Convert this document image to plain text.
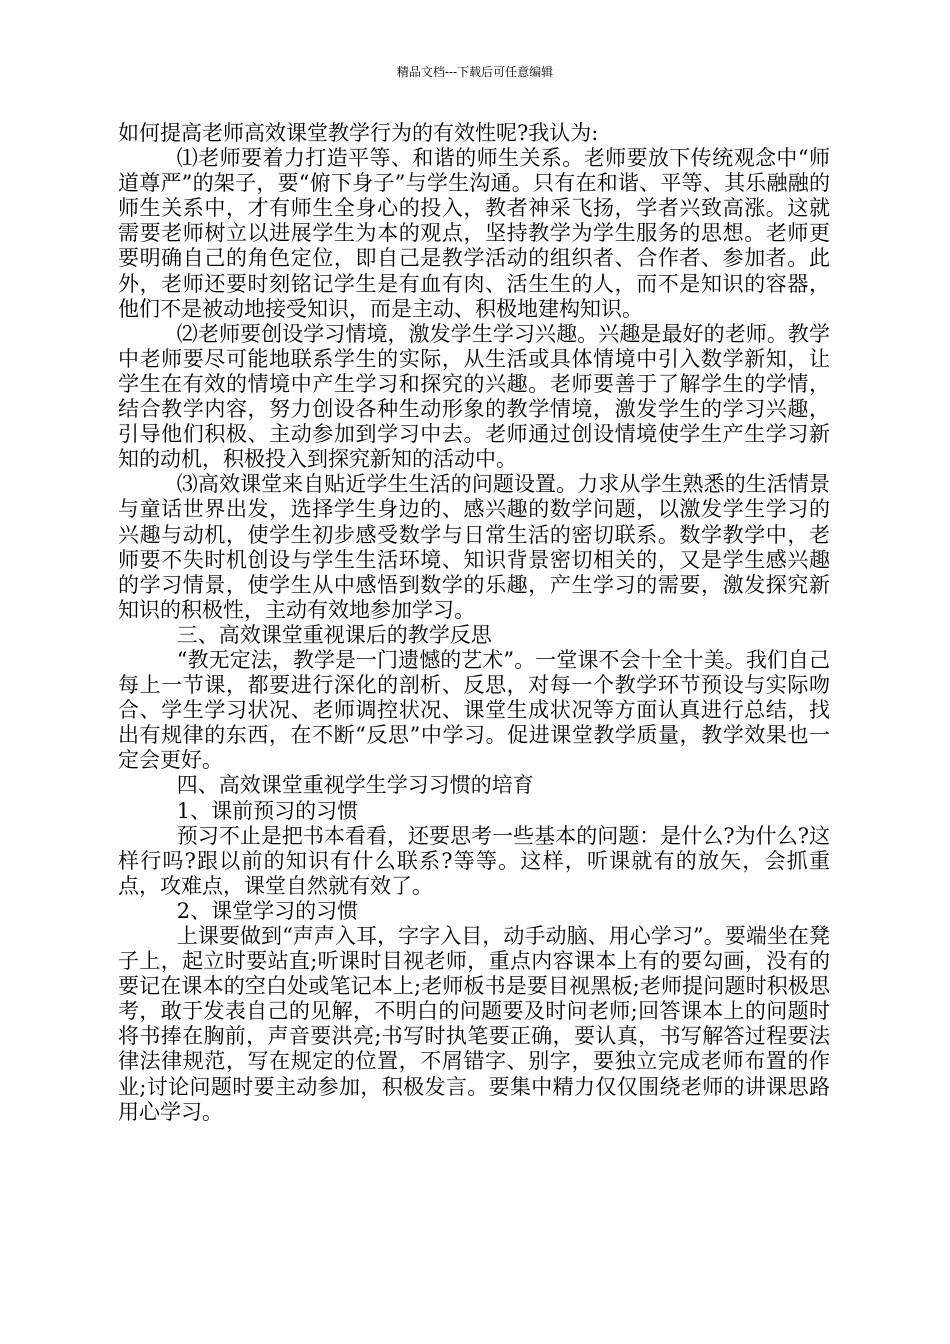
精品文档---下载后可任意编辑

如何提高老师高效课堂教学行为的有效性呢?我认为:

⑴老师要着力打造平等、和谐的师生关系。老师要放下传统观念中“师道尊严”的架子，要“俯下身子”与学生沟通。只有在和谐、平等、其乐融融的师生关系中，才有师生全身心的投入，教者神采飞扬，学者兴致高涨。这就需要老师树立以进展学生为本的观点，坚持教学为学生服务的思想。老师更要明确自己的角色定位，即自己是教学活动的组织者、合作者、参加者。此外，老师还要时刻铭记学生是有血有肉、活生生的人，而不是知识的容器，他们不是被动地接受知识，而是主动、积极地建构知识。

⑵老师要创设学习情境，激发学生学习兴趣。兴趣是最好的老师。教学中老师要尽可能地联系学生的实际，从生活或具体情境中引入数学新知，让学生在有效的情境中产生学习和探究的兴趣。老师要善于了解学生的学情，结合教学内容，努力创设各种生动形象的教学情境，激发学生的学习兴趣，引导他们积极、主动参加到学习中去。老师通过创设情境使学生产生学习新知的动机，积极投入到探究新知的活动中。

⑶高效课堂来自贴近学生生活的问题设置。力求从学生熟悉的生活情景与童话世界出发，选择学生身边的、感兴趣的数学问题，以激发学生学习的兴趣与动机，使学生初步感受数学与日常生活的密切联系。数学教学中，老师要不失时机创设与学生生活环境、知识背景密切相关的，又是学生感兴趣的学习情景，使学生从中感悟到数学的乐趣，产生学习的需要，激发探究新知识的积极性，主动有效地参加学习。

三、高效课堂重视课后的教学反思

“教无定法，教学是一门遗憾的艺术”。一堂课不会十全十美。我们自己每上一节课，都要进行深化的剖析、反思，对每一个教学环节预设与实际吻合、学生学习状况、老师调控状况、课堂生成状况等方面认真进行总结，找出有规律的东西，在不断“反思”中学习。促进课堂教学质量，教学效果也一定会更好。

四、高效课堂重视学生学习习惯的培育

1、课前预习的习惯

预习不止是把书本看看，还要思考一些基本的问题：是什么?为什么?这样行吗?跟以前的知识有什么联系?等等。这样，听课就有的放矢，会抓重点，攻难点，课堂自然就有效了。

2、课堂学习的习惯

上课要做到“声声入耳，字字入目，动手动脑、用心学习”。要端坐在凳子上，起立时要站直;听课时目视老师，重点内容课本上有的要勾画，没有的要记在课本的空白处或笔记本上;老师板书是要目视黑板;老师提问题时积极思考，敢于发表自己的见解，不明白的问题要及时问老师;回答课本上的问题时将书捧在胸前，声音要洪亮;书写时执笔要正确，要认真，书写解答过程要法律法律规范，写在规定的位置，不屑错字、别字，要独立完成老师布置的作业;讨论问题时要主动参加，积极发言。要集中精力仅仅围绕老师的讲课思路用心学习。
